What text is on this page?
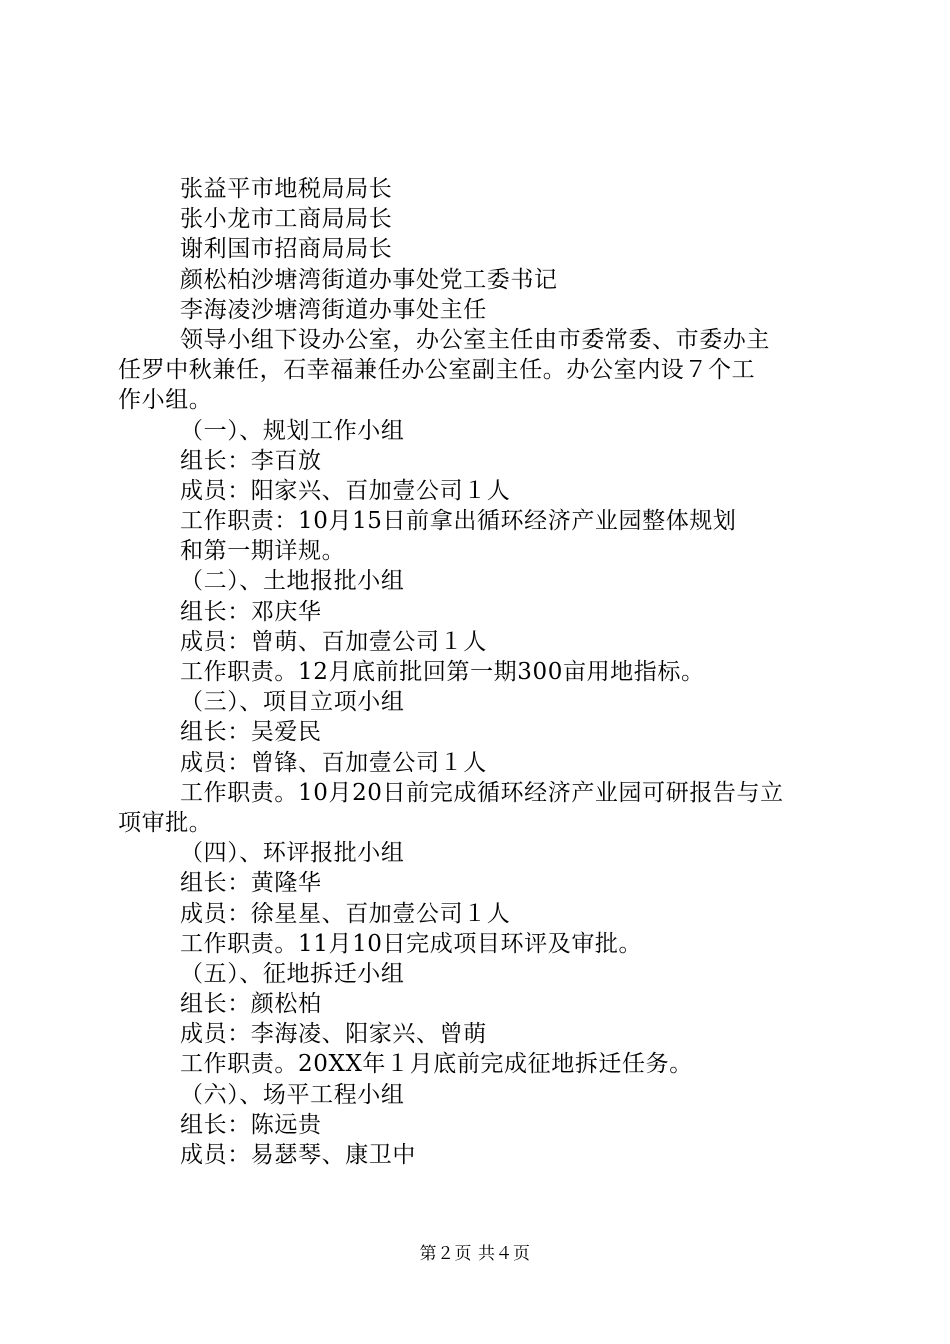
张益平市地税局局长
张小龙市工商局局长
谢利国市招商局局长
颜松柏沙塘湾街道办事处党工委书记
李海凌沙塘湾街道办事处主任
领导小组下设办公室，办公室主任由市委常委、市委办主
任罗中秋兼任，石幸福兼任办公室副主任。办公室内设７个工
作小组。
（一）、规划工作小组
组长：李百放
成员：阳家兴、百加壹公司１人
工作职责：10月15日前拿出循环经济产业园整体规划
和第一期详规。
（二）、土地报批小组
组长：邓庆华
成员：曾萌、百加壹公司１人
工作职责。12月底前批回第一期300亩用地指标。
（三）、项目立项小组
组长：吴爱民
成员：曾锋、百加壹公司１人
工作职责。10月20日前完成循环经济产业园可研报告与立
项审批。
（四）、环评报批小组
组长：黄隆华
成员：徐星星、百加壹公司１人
工作职责。11月10日完成项目环评及审批。
（五）、征地拆迁小组
组长：颜松柏
成员：李海凌、阳家兴、曾萌
工作职责。20XX年１月底前完成征地拆迁任务。
（六）、场平工程小组
组长：陈远贵
成员：易瑟琴、康卫中
第２页 共４页
